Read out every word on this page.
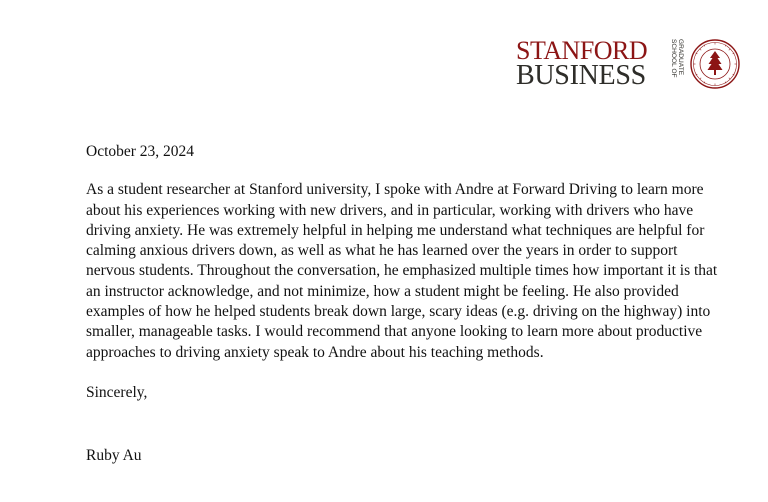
STANFORD
BUSINESS
GRADUATE
SCHOOL OF

October 23, 2024

As a student researcher at Stanford university, I spoke with Andre at Forward Driving to learn more about his experiences working with new drivers, and in particular, working with drivers who have driving anxiety. He was extremely helpful in helping me understand what techniques are helpful for calming anxious drivers down, as well as what he has learned over the years in order to support nervous students. Throughout the conversation, he emphasized multiple times how important it is that an instructor acknowledge, and not minimize, how a student might be feeling. He also provided examples of how he helped students break down large, scary ideas (e.g. driving on the highway) into smaller, manageable tasks. I would recommend that anyone looking to learn more about productive approaches to driving anxiety speak to Andre about his teaching methods.

Sincerely,

Ruby Au
